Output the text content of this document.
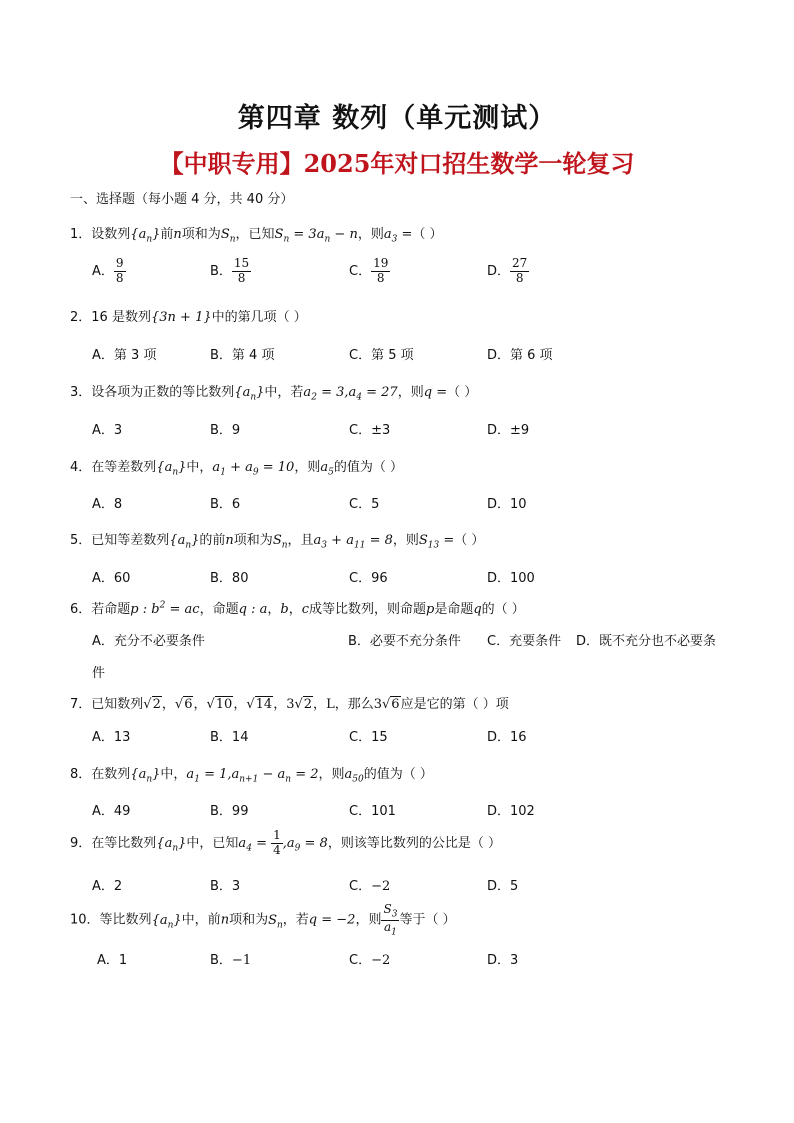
第四章 数列（单元测试）
【中职专用】2025年对口招生数学一轮复习
一、选择题（每小题 4 分，共 40 分）
1．设数列$\{a_n\}$前n项和为$S_n$，已知$S_n = 3a_n - n$，则$a_3$ =（ ）
A． $\frac{9}{8}$	B． $\frac{15}{8}$	C． $\frac{19}{8}$	D． $\frac{27}{8}$
2．16 是数列{3n + 1}中的第几项（ ）
A．第 3 项	B．第 4 项	C．第 5 项	D．第 6 项
3．设各项为正数的等比数列$\{a_n\}$中，若$a_2 = 3,a_4 = 27$，则q =（ ）
A．3	B．9	C．±3	D．±9
4．在等差数列$\{a_n\}$中，$a_1 + a_9 = 10$，则$a_5$的值为（ ）
A．8	B．6	C．5	D．10
5．已知等差数列$\{a_n\}$的前n项和为$S_n$，且$a_3 + a_{11} = 8$，则$S_{13}$ =（ ）
A．60	B．80	C．96	D．100
6．若命题p : $b^2$ = ac，命题q : a，b，c成等比数列，则命题p是命题q的（ ）
A．充分不必要条件	B．必要不充分条件 C．充要条件 D．既不充分也不必要条
件
7．已知数列√2，√6，√10，√14，3√2，L，那么3√6应是它的第（ ）项
A．13	B．14	C．15	D．16
8．在数列$\{a_n\}$中，$a_1 = 1,a_{n+1} - a_n = 2$，则$a_{50}$的值为（ ）
A．49	B．99	C．101	D．102
9．在等比数列$\{a_n\}$中，已知$a_4 = \frac{1}{4} ,a_9 = 8$，则该等比数列的公比是（ ）
A．2	B．3	C．−2	D．5
10．等比数列$\{a_n\}$中，前n项和为$S_n$，若q = −2，则 $\frac{S_3}{a_1}$ 等于（ ）
A．1	B．−1	C．−2	D．3
